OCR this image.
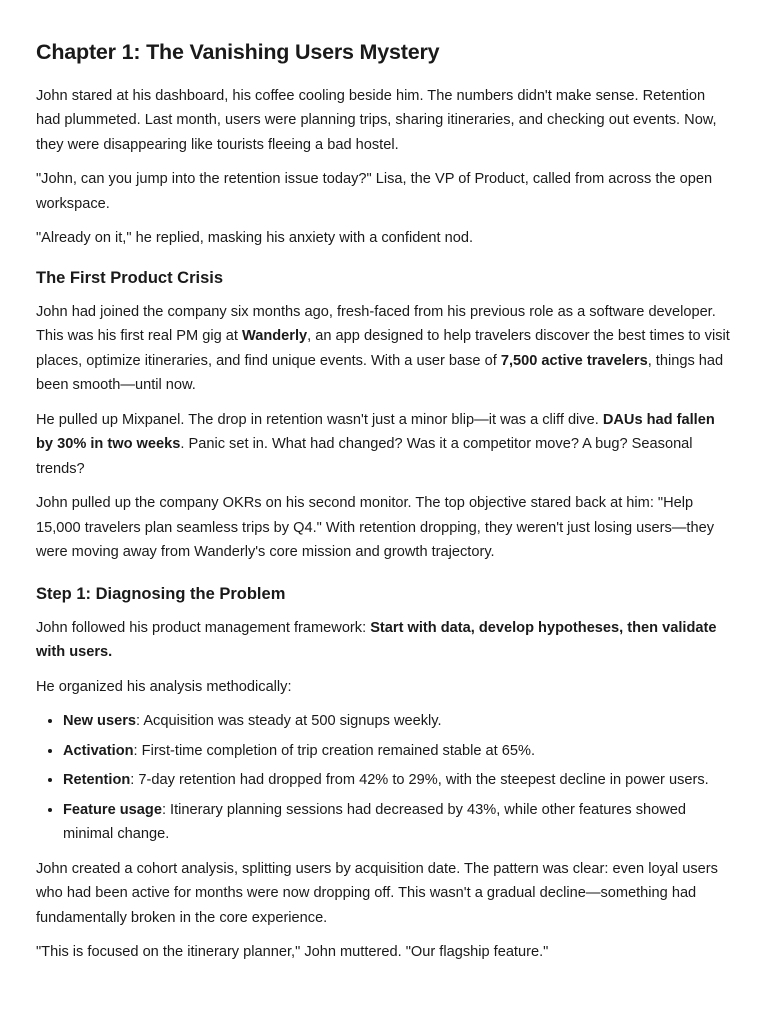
Chapter 1: The Vanishing Users Mystery

John stared at his dashboard, his coffee cooling beside him. The numbers didn't make sense. Retention had plummeted. Last month, users were planning trips, sharing itineraries, and checking out events. Now, they were disappearing like tourists fleeing a bad hostel.

"John, can you jump into the retention issue today?" Lisa, the VP of Product, called from across the open workspace.

"Already on it," he replied, masking his anxiety with a confident nod.

The First Product Crisis

John had joined the company six months ago, fresh-faced from his previous role as a software developer. This was his first real PM gig at Wanderly, an app designed to help travelers discover the best times to visit places, optimize itineraries, and find unique events. With a user base of 7,500 active travelers, things had been smooth—until now.

He pulled up Mixpanel. The drop in retention wasn't just a minor blip—it was a cliff dive. DAUs had fallen by 30% in two weeks. Panic set in. What had changed? Was it a competitor move? A bug? Seasonal trends?

John pulled up the company OKRs on his second monitor. The top objective stared back at him: "Help 15,000 travelers plan seamless trips by Q4." With retention dropping, they weren't just losing users—they were moving away from Wanderly's core mission and growth trajectory.

Step 1: Diagnosing the Problem

John followed his product management framework: Start with data, develop hypotheses, then validate with users.

He organized his analysis methodically:

• New users: Acquisition was steady at 500 signups weekly.
• Activation: First-time completion of trip creation remained stable at 65%.
• Retention: 7-day retention had dropped from 42% to 29%, with the steepest decline in power users.
• Feature usage: Itinerary planning sessions had decreased by 43%, while other features showed minimal change.

John created a cohort analysis, splitting users by acquisition date. The pattern was clear: even loyal users who had been active for months were now dropping off. This wasn't a gradual decline—something had fundamentally broken in the core experience.

"This is focused on the itinerary planner," John muttered. "Our flagship feature."
